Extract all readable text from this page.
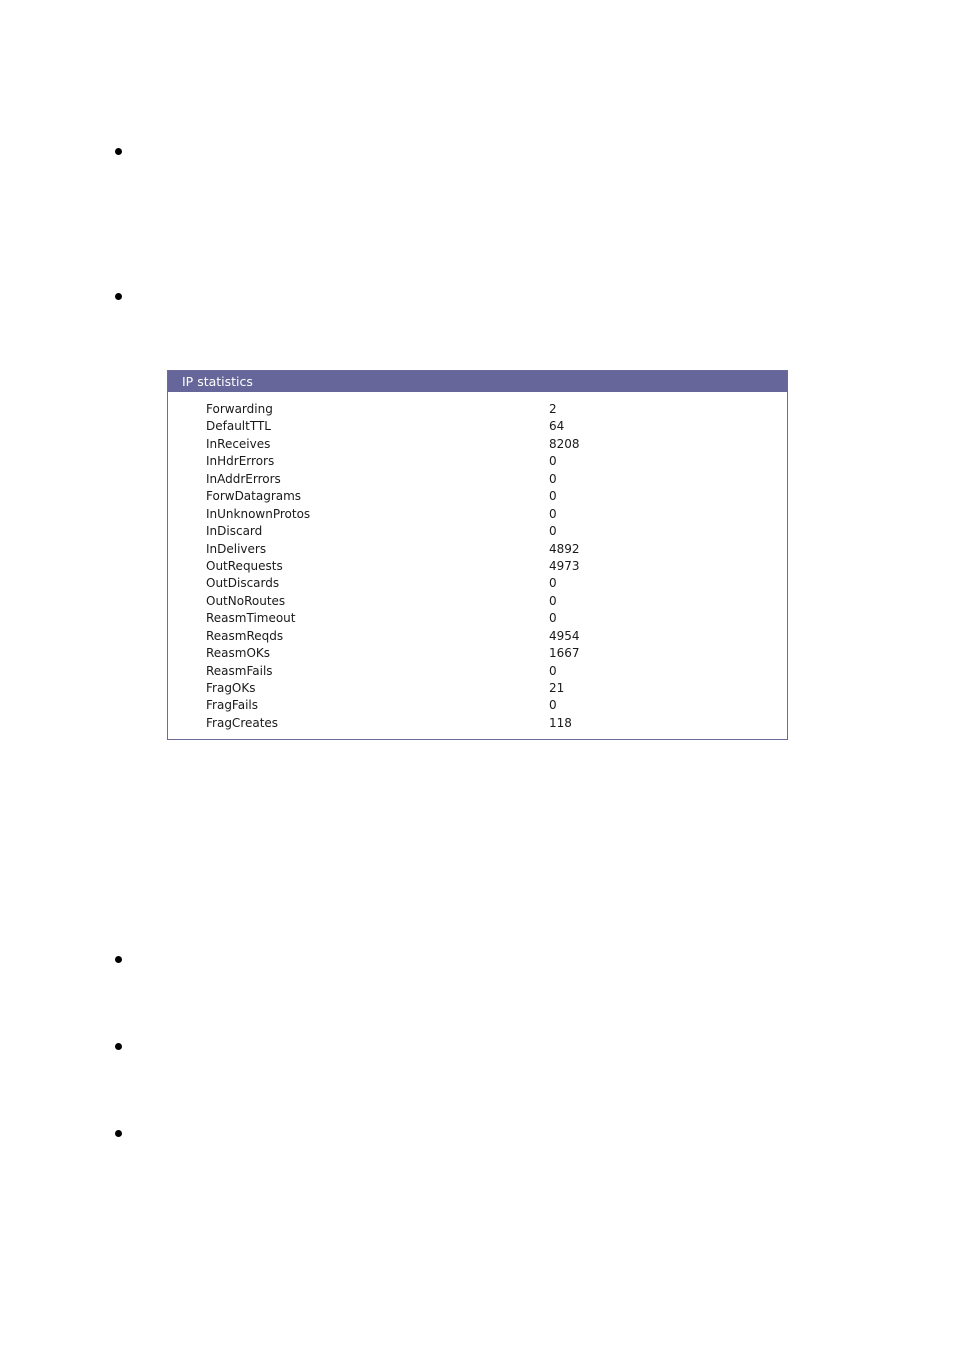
IP statistics
Forwarding	2
DefaultTTL	64
InReceives	8208
InHdrErrors	0
InAddrErrors	0
ForwDatagrams	0
InUnknownProtos	0
InDiscard	0
InDelivers	4892
OutRequests	4973
OutDiscards	0
OutNoRoutes	0
ReasmTimeout	0
ReasmReqds	4954
ReasmOKs	1667
ReasmFails	0
FragOKs	21
FragFails	0
FragCreates	118
